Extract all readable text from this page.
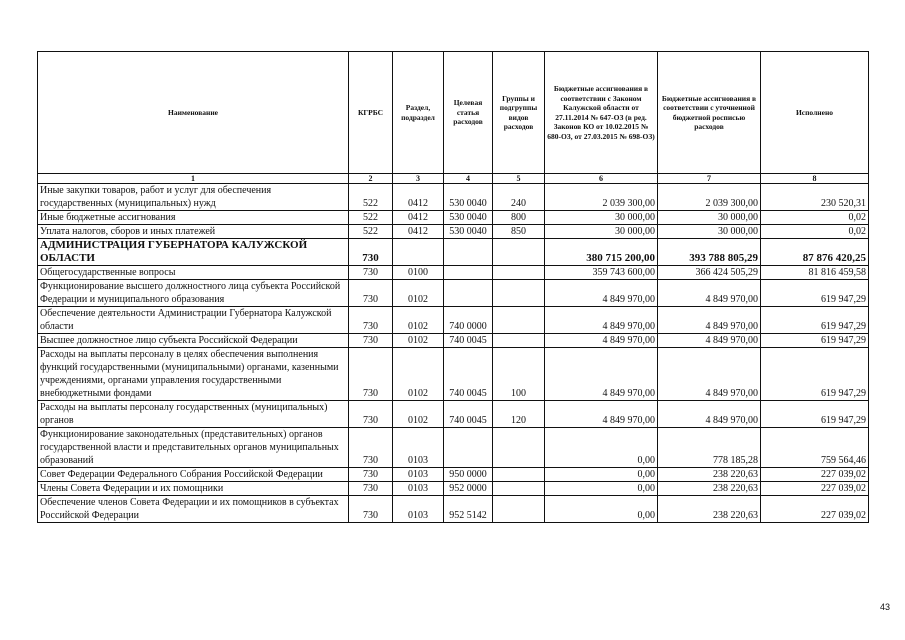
Наименование	КГРБС	Раздел, подраздел	Целевая статья расходов	Группы и подгруппы видов расходов	Бюджетные ассигнования в соответствии с Законом Калужской области от 27.11.2014 № 647-ОЗ (в ред. Законов КО от 10.02.2015 № 680-ОЗ, от 27.03.2015 № 698-ОЗ)	Бюджетные ассигнования в соответствии с уточненной бюджетной росписью расходов	Исполнено
1	2	3	4	5	6	7	8
Иные закупки товаров, работ и услуг для обеспечения государственных (муниципальных) нужд	522	0412	530 0040	240	2 039 300,00	2 039 300,00	230 520,31
Иные бюджетные ассигнования	522	0412	530 0040	800	30 000,00	30 000,00	0,02
Уплата налогов, сборов и иных платежей	522	0412	530 0040	850	30 000,00	30 000,00	0,02
АДМИНИСТРАЦИЯ ГУБЕРНАТОРА КАЛУЖСКОЙ ОБЛАСТИ	730				380 715 200,00	393 788 805,29	87 876 420,25
Общегосударственные вопросы	730	0100			359 743 600,00	366 424 505,29	81 816 459,58
Функционирование высшего должностного лица субъекта Российской Федерации и муниципального образования	730	0102			4 849 970,00	4 849 970,00	619 947,29
Обеспечение деятельности Администрации Губернатора Калужской области	730	0102	740 0000		4 849 970,00	4 849 970,00	619 947,29
Высшее должностное лицо субъекта Российской Федерации	730	0102	740 0045		4 849 970,00	4 849 970,00	619 947,29
Расходы на выплаты персоналу в целях обеспечения выполнения функций государственными (муниципальными) органами, казенными учреждениями, органами управления государственными внебюджетными фондами	730	0102	740 0045	100	4 849 970,00	4 849 970,00	619 947,29
Расходы на выплаты персоналу государственных (муниципальных) органов	730	0102	740 0045	120	4 849 970,00	4 849 970,00	619 947,29
Функционирование законодательных (представительных) органов государственной власти и представительных органов муниципальных образований	730	0103			0,00	778 185,28	759 564,46
Совет Федерации Федерального Собрания Российской Федерации	730	0103	950 0000		0,00	238 220,63	227 039,02
Члены Совета Федерации и их помощники	730	0103	952 0000		0,00	238 220,63	227 039,02
Обеспечение членов Совета Федерации и их помощников в субъектах Российской Федерации	730	0103	952 5142		0,00	238 220,63	227 039,02
43
